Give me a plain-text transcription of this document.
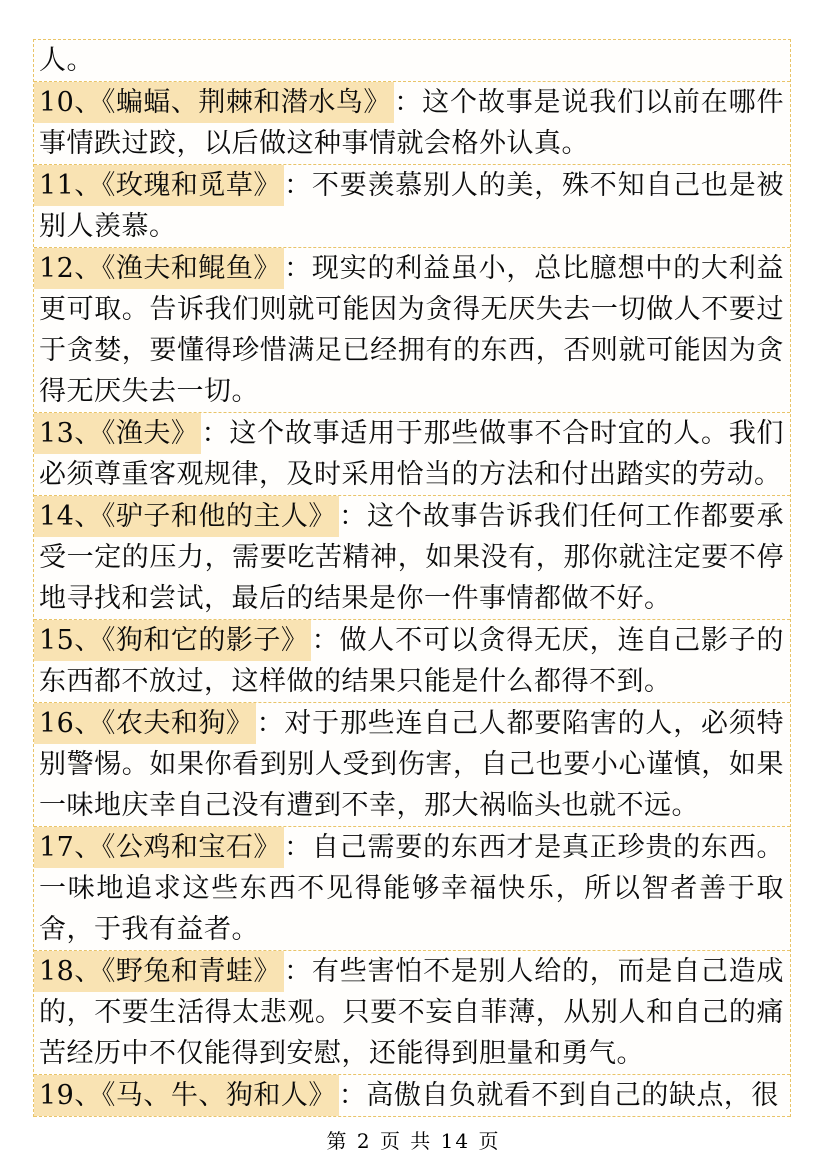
人。
10、《蝙蝠、荆棘和潜水鸟》 ：这个故事是说我们以前在哪件事情跌过跤，以后做这种事情就会格外认真。
11、《玫瑰和觅草》 ：不要羡慕别人的美，殊不知自己也是被别人羡慕。
12、《渔夫和鲲鱼》 ：现实的利益虽小，总比臆想中的大利益更可取。告诉我们则就可能因为贪得无厌失去一切做人不要过于贪婪，要懂得珍惜满足已经拥有的东西，否则就可能因为贪得无厌失去一切。
13、《渔夫》 ：这个故事适用于那些做事不合时宜的人。我们必须尊重客观规律，及时采用恰当的方法和付出踏实的劳动。
14、《驴子和他的主人》 ：这个故事告诉我们任何工作都要承受一定的压力，需要吃苦精神，如果没有，那你就注定要不停地寻找和尝试，最后的结果是你一件事情都做不好。
15、《狗和它的影子》 ：做人不可以贪得无厌，连自己影子的东西都不放过，这样做的结果只能是什么都得不到。
16、《农夫和狗》 ：对于那些连自己人都要陷害的人，必须特别警惕。如果你看到别人受到伤害，自己也要小心谨慎，如果一味地庆幸自己没有遭到不幸，那大祸临头也就不远。
17、《公鸡和宝石》 ：自己需要的东西才是真正珍贵的东西。一味地追求这些东西不见得能够幸福快乐，所以智者善于取舍，于我有益者。
18、《野兔和青蛙》 ：有些害怕不是别人给的，而是自己造成的，不要生活得太悲观。只要不妄自菲薄，从别人和自己的痛苦经历中不仅能得到安慰，还能得到胆量和勇气。
19、《马、牛、狗和人》 ：高傲自负就看不到自己的缺点，很
第 2 页 共 14 页
